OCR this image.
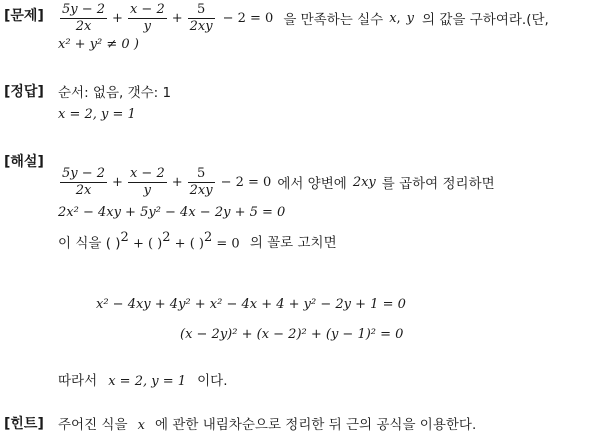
[문제] $\frac{5y - 2}{2x} + \frac{x - 2}{y} + \frac{5}{2xy} - 2 = 0$ 을 만족하는 실수 x , y 의 값을 구하여라.(단,
x² + y² ≠ 0 )
[정답] 순서: 없음, 갯수: 1
x = 2, y = 1
[해설]
$\frac{5y - 2}{2x} + \frac{x - 2}{y} + \frac{5}{2xy} - 2 = 0$ 에서 양변에 2xy 를 곱하여 정리하면
2x² − 4xy + 5y² − 4x − 2y + 5 = 0
이 식을 ( )$^2$ + ( )$^2$ + ( )$^2$ = 0 의 꼴로 고치면
x² − 4xy + 4y² + x² − 4x + 4 + y² − 2y + 1 = 0
(x − 2y)² + (x − 2)² + (y − 1)² = 0
따라서 x = 2, y = 1 이다.
[힌트] 주어진 식을 x 에 관한 내림차순으로 정리한 뒤 근의 공식을 이용한다.
